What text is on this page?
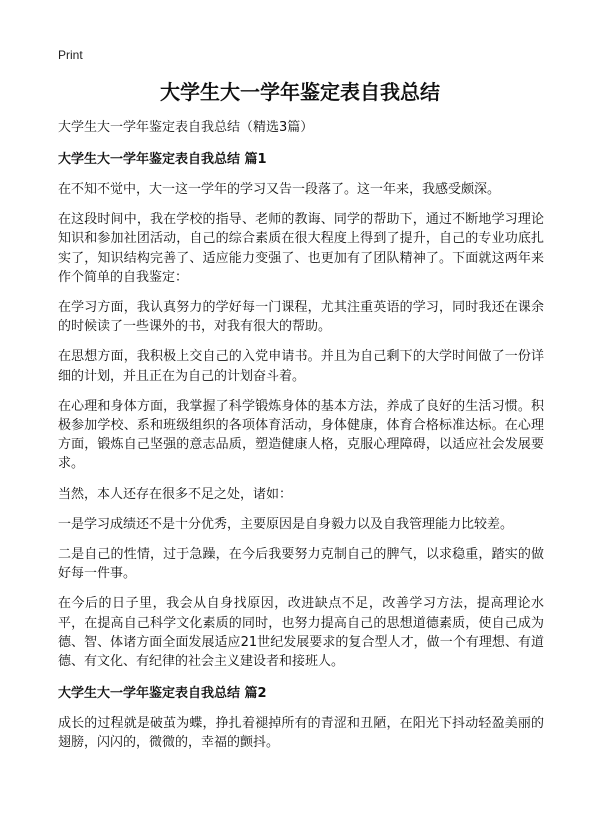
Print
大学生大一学年鉴定表自我总结

大学生大一学年鉴定表自我总结（精选3篇）

大学生大一学年鉴定表自我总结 篇1

在不知不觉中，大一这一学年的学习又告一段落了。这一年来，我感受颇深。

在这段时间中，我在学校的指导、老师的教诲、同学的帮助下，通过不断地学习理论知识和参加社团活动，自己的综合素质在很大程度上得到了提升，自己的专业功底扎实了，知识结构完善了、适应能力变强了、也更加有了团队精神了。下面就这两年来作个简单的自我鉴定：

在学习方面，我认真努力的学好每一门课程，尤其注重英语的学习，同时我还在课余的时候读了一些课外的书，对我有很大的帮助。

在思想方面，我积极上交自己的入党申请书。并且为自己剩下的大学时间做了一份详细的计划，并且正在为自己的计划奋斗着。

在心理和身体方面，我掌握了科学锻炼身体的基本方法，养成了良好的生活习惯。积极参加学校、系和班级组织的各项体育活动，身体健康，体育合格标准达标。在心理方面，锻炼自己坚强的意志品质，塑造健康人格，克服心理障碍，以适应社会发展要求。

当然，本人还存在很多不足之处，诸如：

一是学习成绩还不是十分优秀，主要原因是自身毅力以及自我管理能力比较差。

二是自己的性情，过于急躁，在今后我要努力克制自己的脾气，以求稳重，踏实的做好每一件事。

在今后的日子里，我会从自身找原因，改进缺点不足，改善学习方法，提高理论水平，在提高自己科学文化素质的同时，也努力提高自己的思想道德素质，使自己成为德、智、体诸方面全面发展适应21世纪发展要求的复合型人才，做一个有理想、有道德、有文化、有纪律的社会主义建设者和接班人。

大学生大一学年鉴定表自我总结 篇2

成长的过程就是破茧为蝶，挣扎着褪掉所有的青涩和丑陋，在阳光下抖动轻盈美丽的翅膀，闪闪的，微微的，幸福的颤抖。
